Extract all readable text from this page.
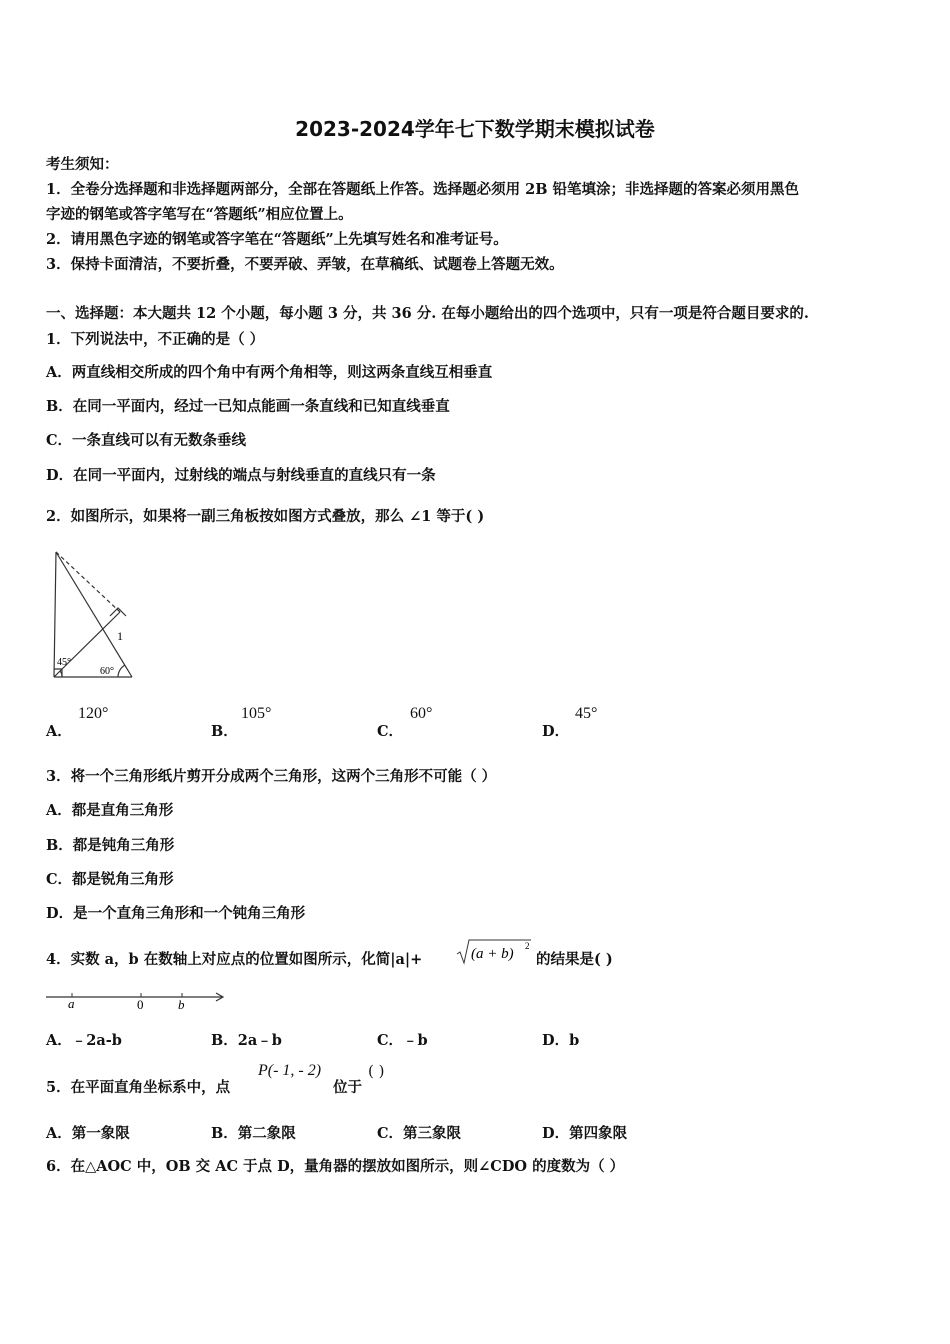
2023-2024学年七下数学期末模拟试卷
考生须知：
1．全卷分选择题和非选择题两部分，全部在答题纸上作答。选择题必须用 2B 铅笔填涂；非选择题的答案必须用黑色
字迹的钢笔或答字笔写在“答题纸”相应位置上。
2．请用黑色字迹的钢笔或答字笔在“答题纸”上先填写姓名和准考证号。
3．保持卡面清洁，不要折叠，不要弄破、弄皱，在草稿纸、试题卷上答题无效。
一、选择题：本大题共 12 个小题，每小题 3 分，共 36 分. 在每小题给出的四个选项中，只有一项是符合题目要求的.
1．下列说法中，不正确的是（ ）
A．两直线相交所成的四个角中有两个角相等，则这两条直线互相垂直
B．在同一平面内，经过一已知点能画一条直线和已知直线垂直
C．一条直线可以有无数条垂线
D．在同一平面内，过射线的端点与射线垂直的直线只有一条
2．如图所示，如果将一副三角板按如图方式叠放，那么 ∠1 等于( )
1
45°
60°
A．
120°
B．
105°
C．
60°
D．
45°
3．将一个三角形纸片剪开分成两个三角形，这两个三角形不可能（ ）
A．都是直角三角形
B．都是钝角三角形
C．都是锐角三角形
D．是一个直角三角形和一个钝角三角形
4．实数 a，b 在数轴上对应点的位置如图所示，化简|a|+	(a + b) 2
的结果是( )
a	0	b
A．﹣2a-b	B．2a﹣b	C．﹣b	D．b
5．在平面直角坐标系中，点
P(- 1, - 2)
位于
( )
A．第一象限	B．第二象限	C．第三象限	D．第四象限
6．在△AOC 中，OB 交 AC 于点 D，量角器的摆放如图所示，则∠CDO 的度数为（ ）
